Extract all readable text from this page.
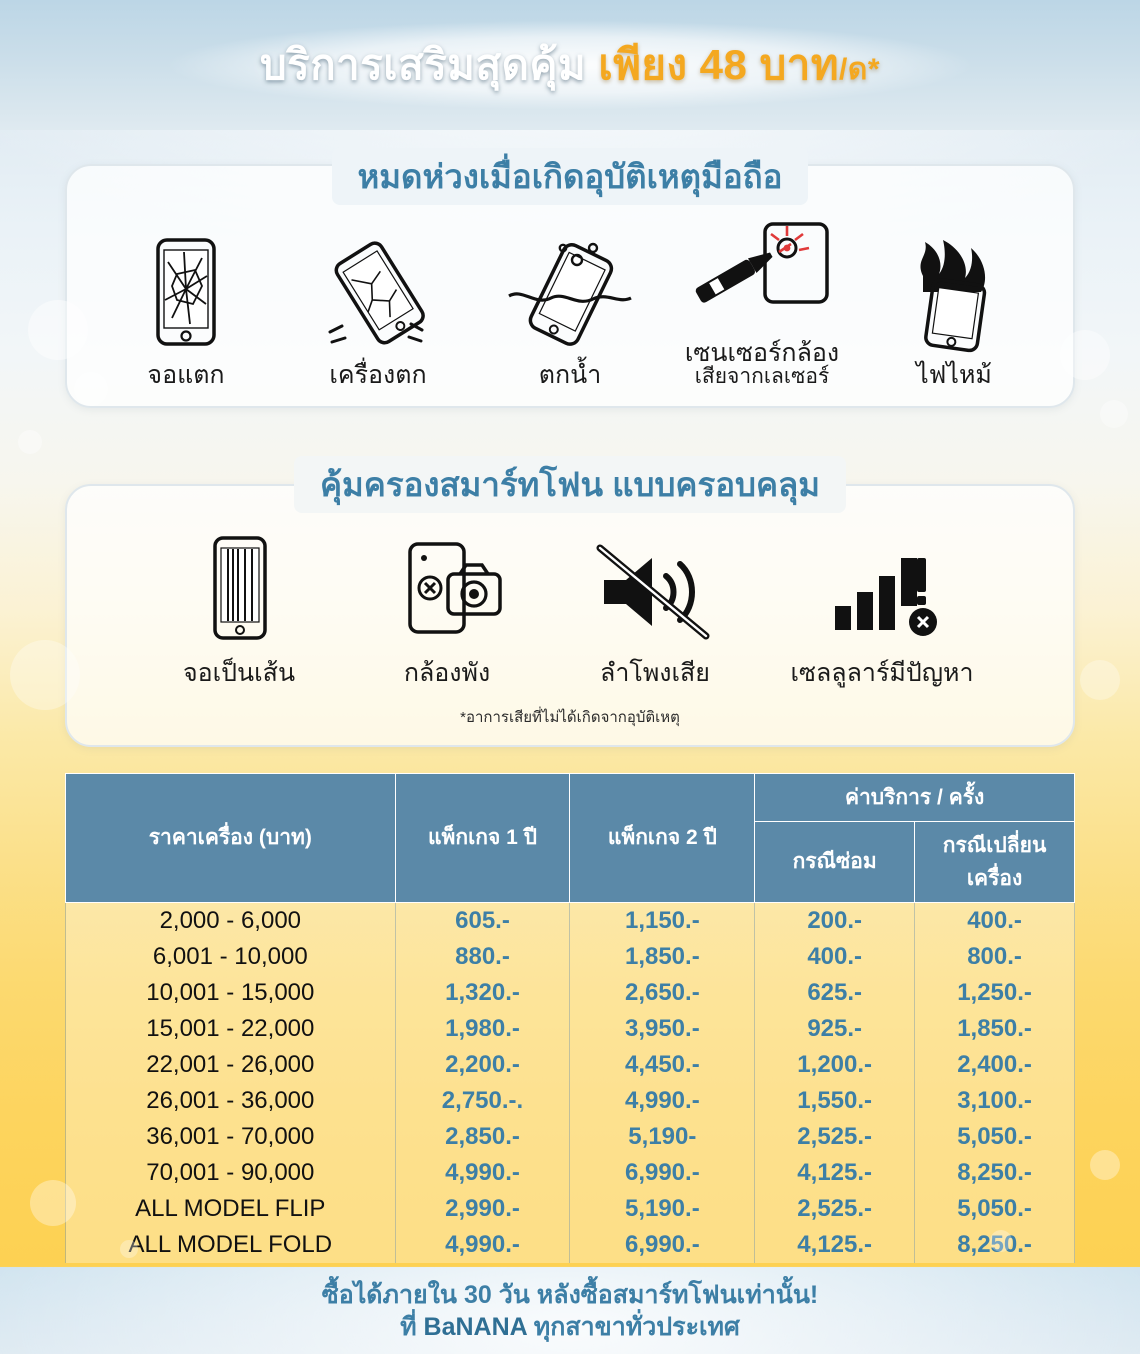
บริการเสริมสุดคุ้ม เพียง 48 บาท/ด*
หมดห่วงเมื่อเกิดอุบัติเหตุมือถือ
จอแตก	เครื่องตก	ตกน้ำ
เซนเซอร์กล้อง
เสียจากเลเซอร์	ไฟไหม้
คุ้มครองสมาร์ทโฟน แบบครอบคลุม
จอเป็นเส้น	กล้องพัง	ลำโพงเสีย	เซลลูลาร์มีปัญหา
*อาการเสียที่ไม่ได้เกิดจากอุบัติเหตุ
ราคาเครื่อง (บาท)	แพ็กเกจ 1 ปี	แพ็กเกจ 2 ปี	ค่าบริการ / ครั้ง	
			กรณีซ่อม	กรณีเปลี่ยนเครื่อง
2,000 - 6,000	605.-	1,150.-	200.-	400.-
6,001 - 10,000	880.-	1,850.-	400.-	800.-
10,001 - 15,000	1,320.-	2,650.-	625.-	1,250.-
15,001 - 22,000	1,980.-	3,950.-	925.-	1,850.-
22,001 - 26,000	2,200.-	4,450.-	1,200.-	2,400.-
26,001 - 36,000	2,750.-.	4,990.-	1,550.-	3,100.-
36,001 - 70,000	2,850.-	5,190-	2,525.-	5,050.-
70,001 - 90,000	4,990.-	6,990.-	4,125.-	8,250.-
ALL MODEL FLIP	2,990.-	5,190.-	2,525.-	5,050.-
ALL MODEL FOLD	4,990.-	6,990.-	4,125.-	8,250.-
ซื้อได้ภายใน 30 วัน หลังซื้อสมาร์ทโฟนเท่านั้น!
ที่ BaNANA ทุกสาขาทั่วประเทศ
